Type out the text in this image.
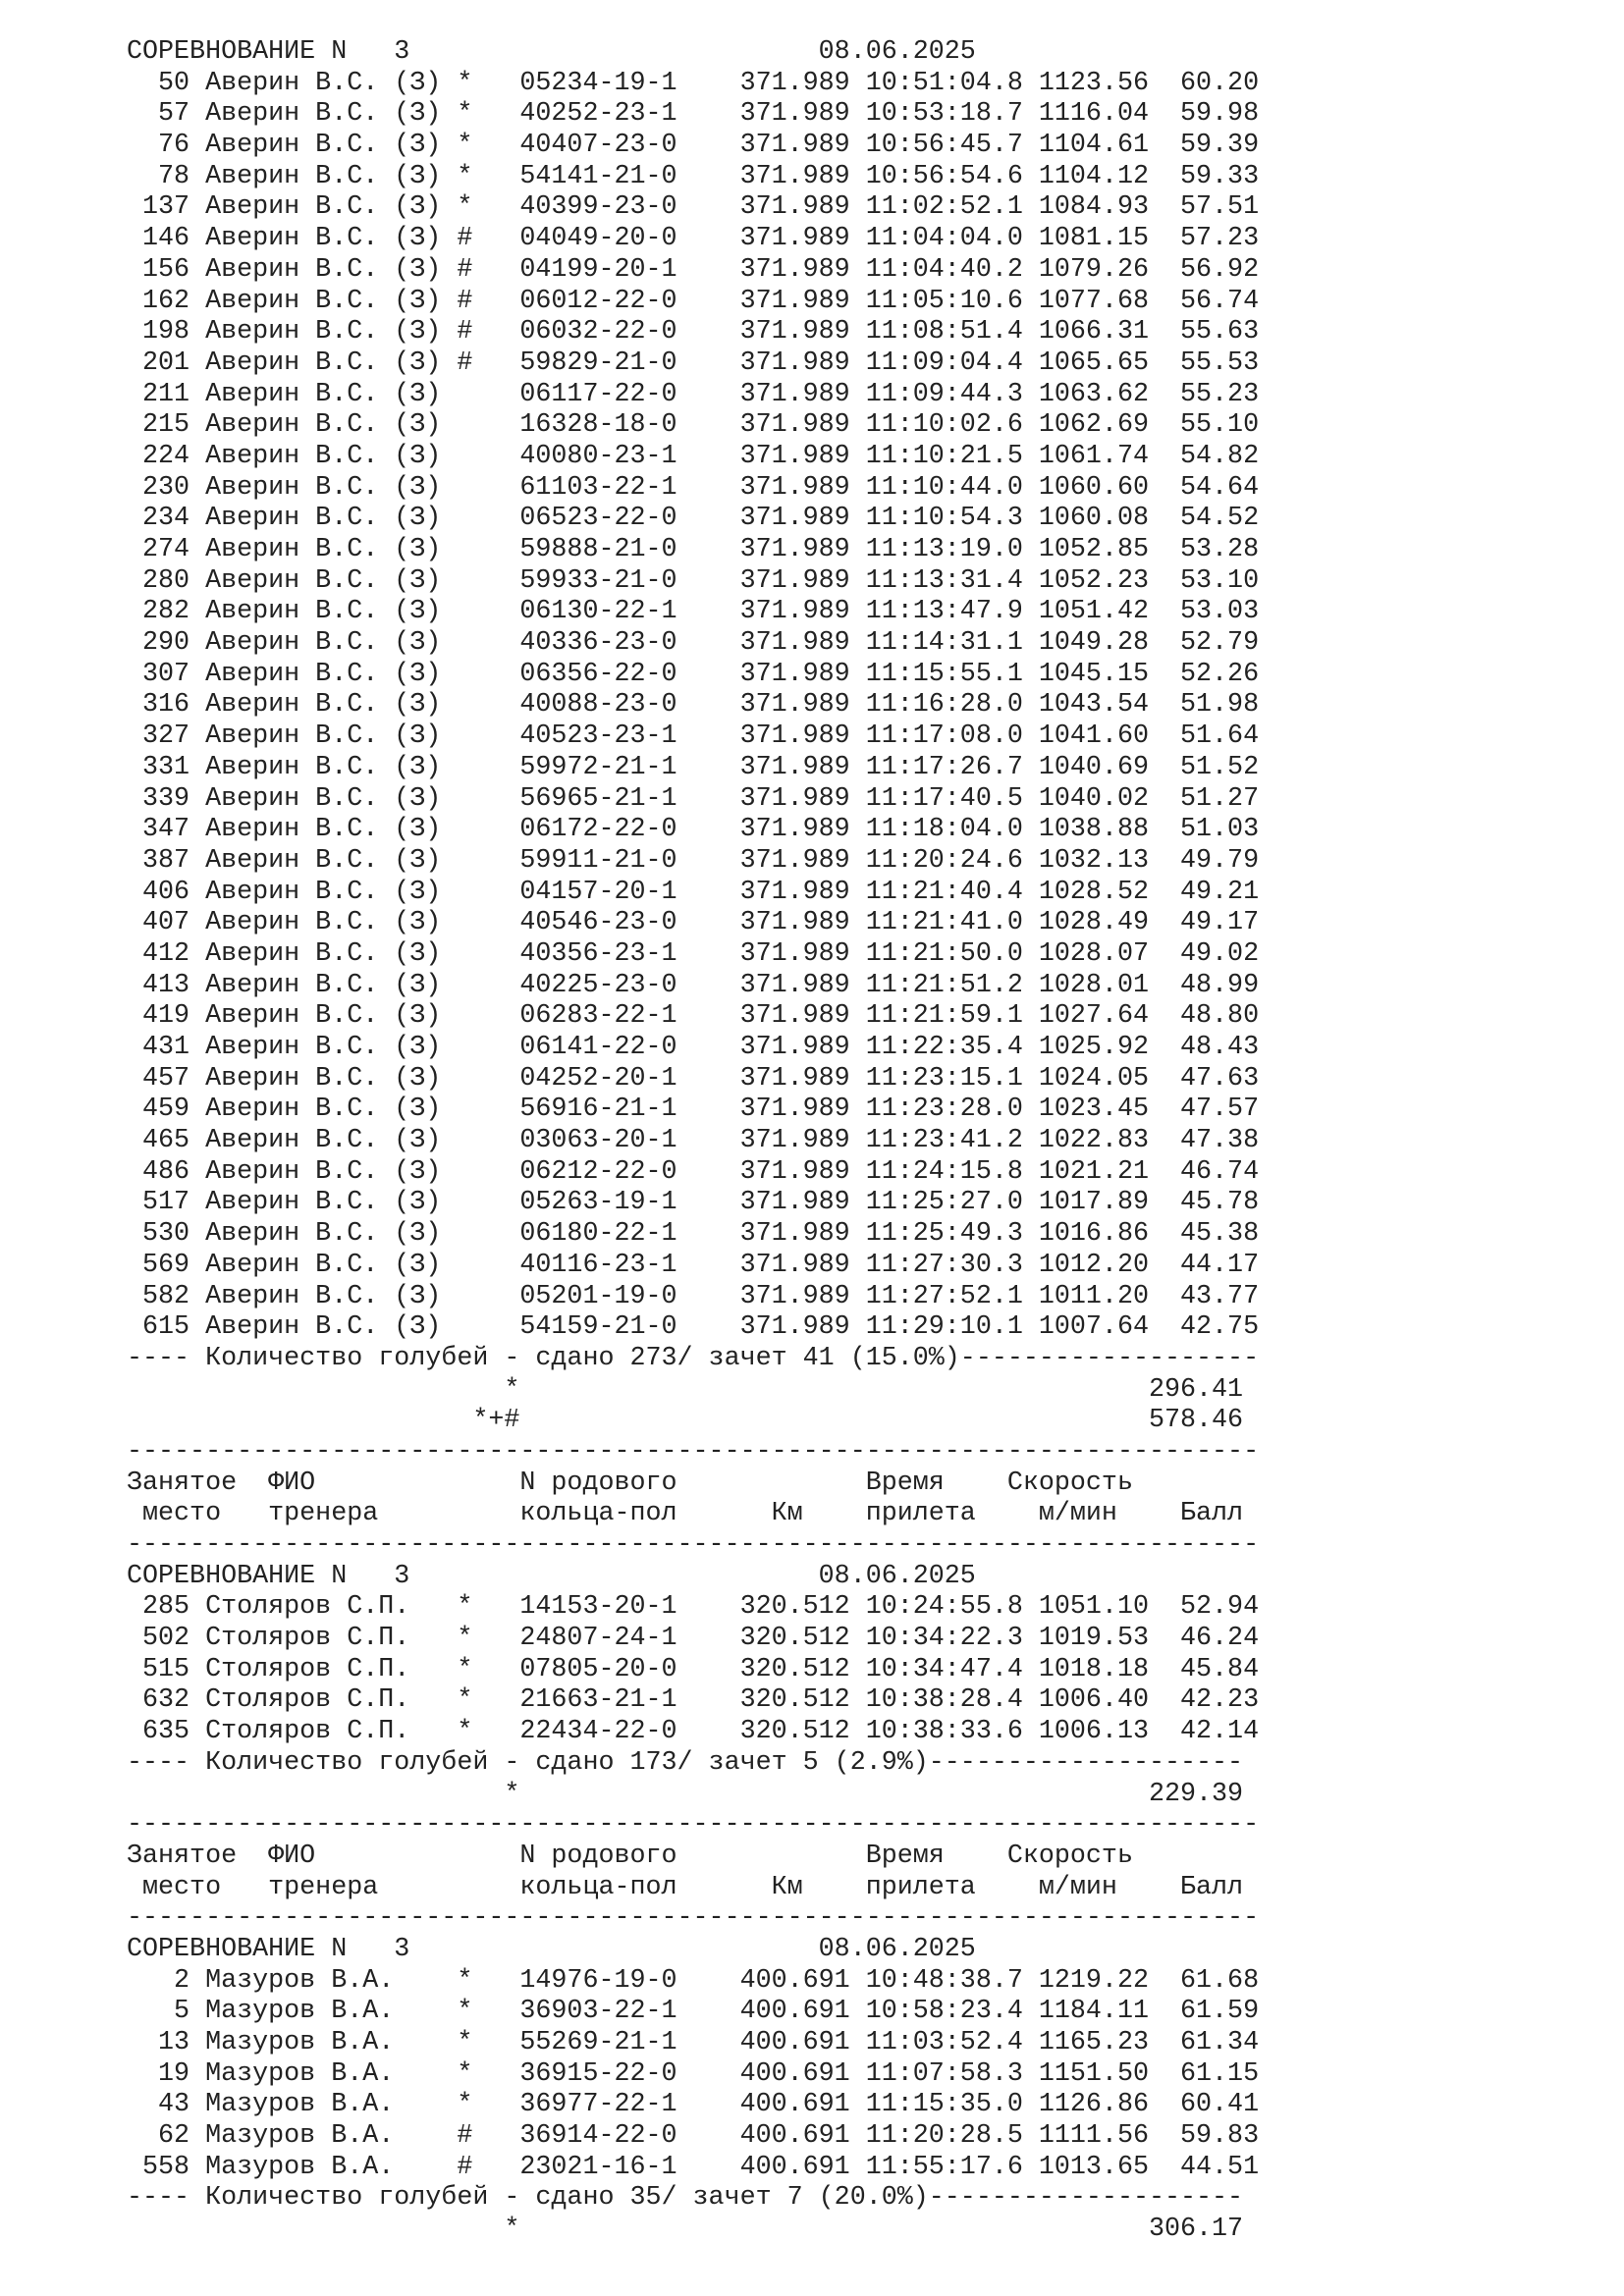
СОРЕВНОВАНИЕ N   3                          08.06.2025
50 Аверин В.С. (З) *   05234-19-1    371.989 10:51:04.8 1123.56  60.20
57 Аверин В.С. (З) *   40252-23-1    371.989 10:53:18.7 1116.04  59.98
76 Аверин В.С. (З) *   40407-23-0    371.989 10:56:45.7 1104.61  59.39
78 Аверин В.С. (З) *   54141-21-0    371.989 10:56:54.6 1104.12  59.33
137 Аверин В.С. (З) *   40399-23-0    371.989 11:02:52.1 1084.93  57.51
146 Аверин В.С. (З) #   04049-20-0    371.989 11:04:04.0 1081.15  57.23
156 Аверин В.С. (З) #   04199-20-1    371.989 11:04:40.2 1079.26  56.92
162 Аверин В.С. (З) #   06012-22-0    371.989 11:05:10.6 1077.68  56.74
198 Аверин В.С. (З) #   06032-22-0    371.989 11:08:51.4 1066.31  55.63
201 Аверин В.С. (З) #   59829-21-0    371.989 11:09:04.4 1065.65  55.53
211 Аверин В.С. (З)     06117-22-0    371.989 11:09:44.3 1063.62  55.23
215 Аверин В.С. (З)     16328-18-0    371.989 11:10:02.6 1062.69  55.10
224 Аверин В.С. (З)     40080-23-1    371.989 11:10:21.5 1061.74  54.82
230 Аверин В.С. (З)     61103-22-1    371.989 11:10:44.0 1060.60  54.64
234 Аверин В.С. (З)     06523-22-0    371.989 11:10:54.3 1060.08  54.52
274 Аверин В.С. (З)     59888-21-0    371.989 11:13:19.0 1052.85  53.28
280 Аверин В.С. (З)     59933-21-0    371.989 11:13:31.4 1052.23  53.10
282 Аверин В.С. (З)     06130-22-1    371.989 11:13:47.9 1051.42  53.03
290 Аверин В.С. (З)     40336-23-0    371.989 11:14:31.1 1049.28  52.79
307 Аверин В.С. (З)     06356-22-0    371.989 11:15:55.1 1045.15  52.26
316 Аверин В.С. (З)     40088-23-0    371.989 11:16:28.0 1043.54  51.98
327 Аверин В.С. (З)     40523-23-1    371.989 11:17:08.0 1041.60  51.64
331 Аверин В.С. (З)     59972-21-1    371.989 11:17:26.7 1040.69  51.52
339 Аверин В.С. (З)     56965-21-1    371.989 11:17:40.5 1040.02  51.27
347 Аверин В.С. (З)     06172-22-0    371.989 11:18:04.0 1038.88  51.03
387 Аверин В.С. (З)     59911-21-0    371.989 11:20:24.6 1032.13  49.79
406 Аверин В.С. (З)     04157-20-1    371.989 11:21:40.4 1028.52  49.21
407 Аверин В.С. (З)     40546-23-0    371.989 11:21:41.0 1028.49  49.17
412 Аверин В.С. (З)     40356-23-1    371.989 11:21:50.0 1028.07  49.02
413 Аверин В.С. (З)     40225-23-0    371.989 11:21:51.2 1028.01  48.99
419 Аверин В.С. (З)     06283-22-1    371.989 11:21:59.1 1027.64  48.80
431 Аверин В.С. (З)     06141-22-0    371.989 11:22:35.4 1025.92  48.43
457 Аверин В.С. (З)     04252-20-1    371.989 11:23:15.1 1024.05  47.63
459 Аверин В.С. (З)     56916-21-1    371.989 11:23:28.0 1023.45  47.57
465 Аверин В.С. (З)     03063-20-1    371.989 11:23:41.2 1022.83  47.38
486 Аверин В.С. (З)     06212-22-0    371.989 11:24:15.8 1021.21  46.74
517 Аверин В.С. (З)     05263-19-1    371.989 11:25:27.0 1017.89  45.78
530 Аверин В.С. (З)     06180-22-1    371.989 11:25:49.3 1016.86  45.38
569 Аверин В.С. (З)     40116-23-1    371.989 11:27:30.3 1012.20  44.17
582 Аверин В.С. (З)     05201-19-0    371.989 11:27:52.1 1011.20  43.77
615 Аверин В.С. (З)     54159-21-0    371.989 11:29:10.1 1007.64  42.75
---- Количество голубей - сдано 273/ зачет 41 (15.0%)-------------------
*                                        296.41
*+#                                        578.46
------------------------------------------------------------------------
Занятое  ФИО             N родового            Время    Скорость
место   тренера         кольца-пол      Км    прилета    м/мин    Балл
------------------------------------------------------------------------
СОРЕВНОВАНИЕ N   3                          08.06.2025
285 Столяров С.П.   *   14153-20-1    320.512 10:24:55.8 1051.10  52.94
502 Столяров С.П.   *   24807-24-1    320.512 10:34:22.3 1019.53  46.24
515 Столяров С.П.   *   07805-20-0    320.512 10:34:47.4 1018.18  45.84
632 Столяров С.П.   *   21663-21-1    320.512 10:38:28.4 1006.40  42.23
635 Столяров С.П.   *   22434-22-0    320.512 10:38:33.6 1006.13  42.14
---- Количество голубей - сдано 173/ зачет 5 (2.9%)--------------------
*                                        229.39
------------------------------------------------------------------------
Занятое  ФИО             N родового            Время    Скорость
место   тренера         кольца-пол      Км    прилета    м/мин    Балл
------------------------------------------------------------------------
СОРЕВНОВАНИЕ N   3                          08.06.2025
2 Мазуров В.А.    *   14976-19-0    400.691 10:48:38.7 1219.22  61.68
5 Мазуров В.А.    *   36903-22-1    400.691 10:58:23.4 1184.11  61.59
13 Мазуров В.А.    *   55269-21-1    400.691 11:03:52.4 1165.23  61.34
19 Мазуров В.А.    *   36915-22-0    400.691 11:07:58.3 1151.50  61.15
43 Мазуров В.А.    *   36977-22-1    400.691 11:15:35.0 1126.86  60.41
62 Мазуров В.А.    #   36914-22-0    400.691 11:20:28.5 1111.56  59.83
558 Мазуров В.А.    #   23021-16-1    400.691 11:55:17.6 1013.65  44.51
---- Количество голубей - сдано 35/ зачет 7 (20.0%)--------------------
*                                        306.17
